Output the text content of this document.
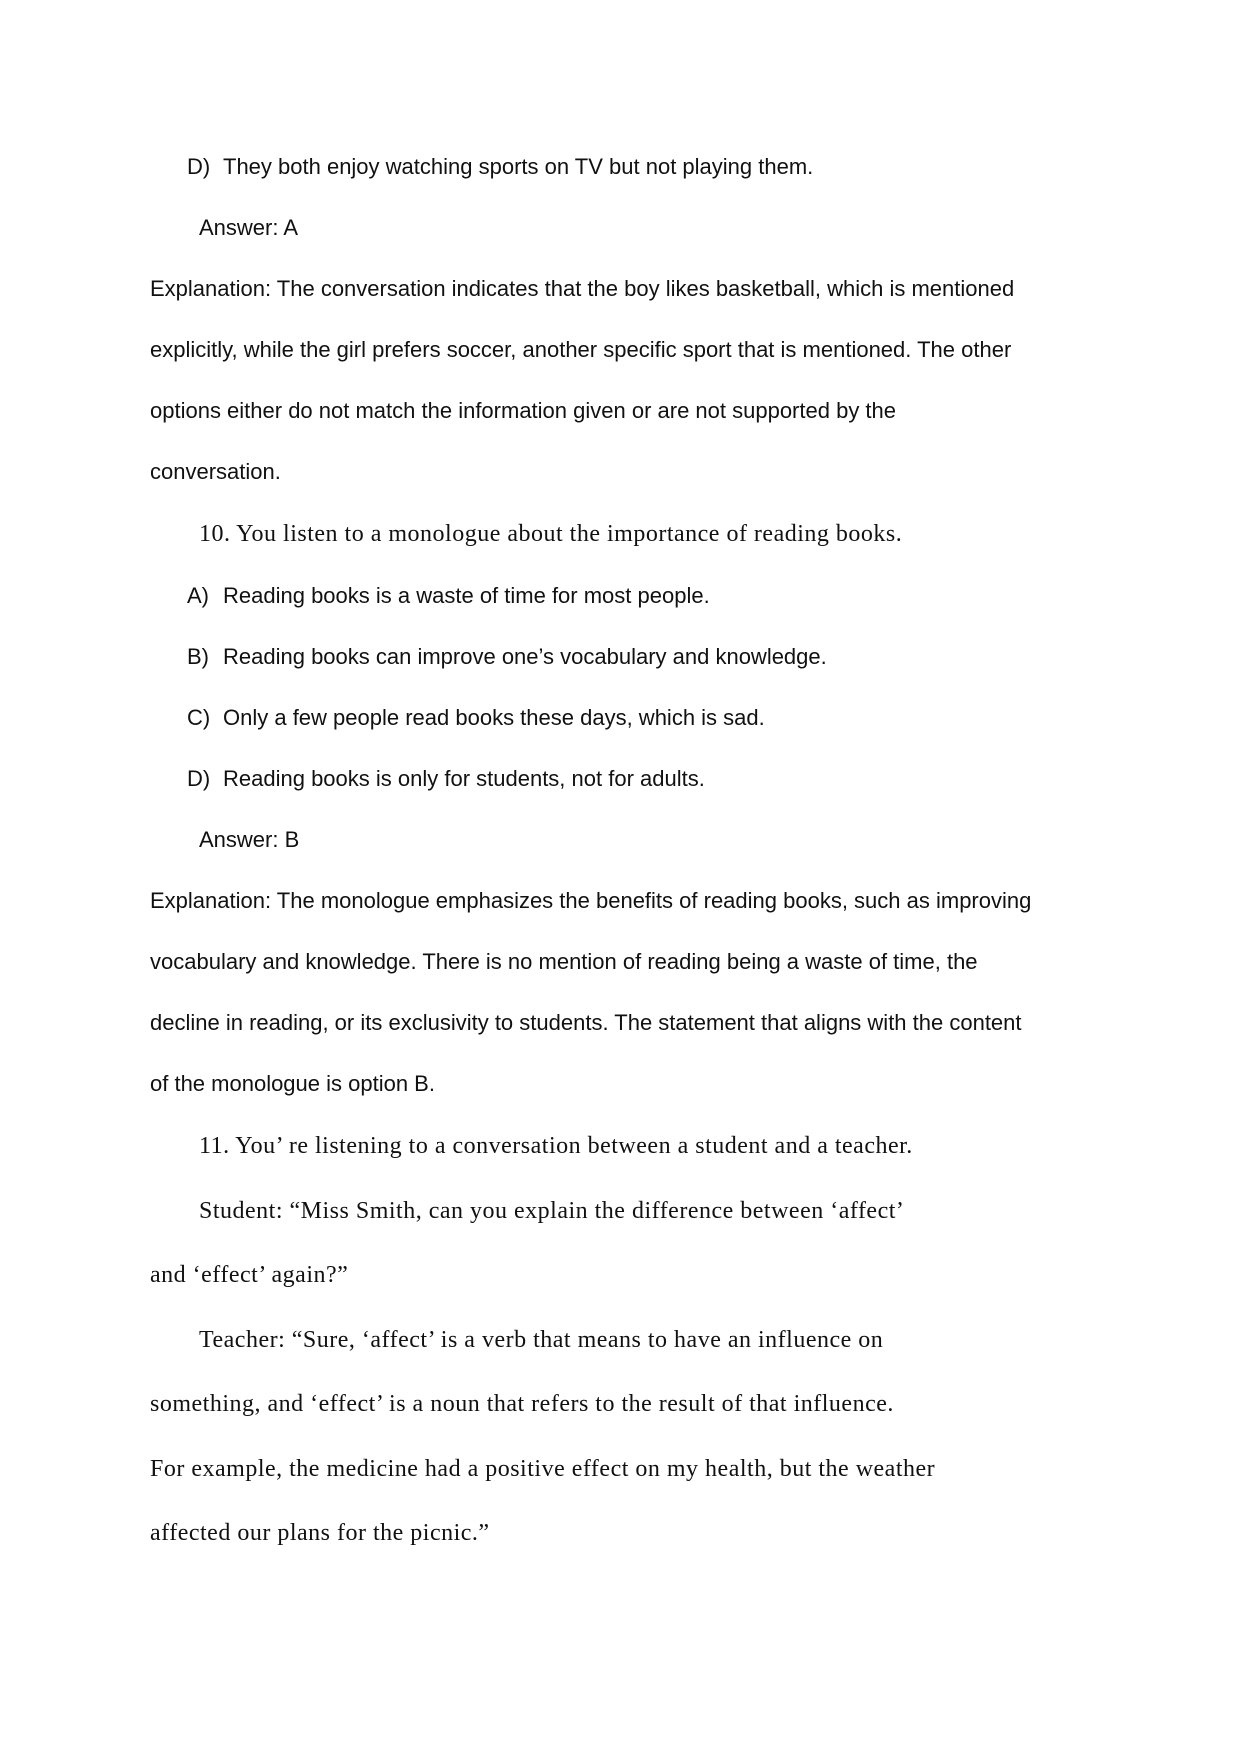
D) They both enjoy watching sports on TV but not playing them.
Answer: A
Explanation: The conversation indicates that the boy likes basketball, which is mentioned
explicitly, while the girl prefers soccer, another specific sport that is mentioned. The other
options either do not match the information given or are not supported by the
conversation.
10. You listen to a monologue about the importance of reading books.
A) Reading books is a waste of time for most people.
B) Reading books can improve one’s vocabulary and knowledge.
C) Only a few people read books these days, which is sad.
D) Reading books is only for students, not for adults.
Answer: B
Explanation: The monologue emphasizes the benefits of reading books, such as improving
vocabulary and knowledge. There is no mention of reading being a waste of time, the
decline in reading, or its exclusivity to students. The statement that aligns with the content
of the monologue is option B.
11. You’ re listening to a conversation between a student and a teacher.
Student: “Miss Smith, can you explain the difference between ‘affect’
and ‘effect’ again?”
Teacher: “Sure, ‘affect’ is a verb that means to have an influence on
something, and ‘effect’ is a noun that refers to the result of that influence.
For example, the medicine had a positive effect on my health, but the weather
affected our plans for the picnic.”
